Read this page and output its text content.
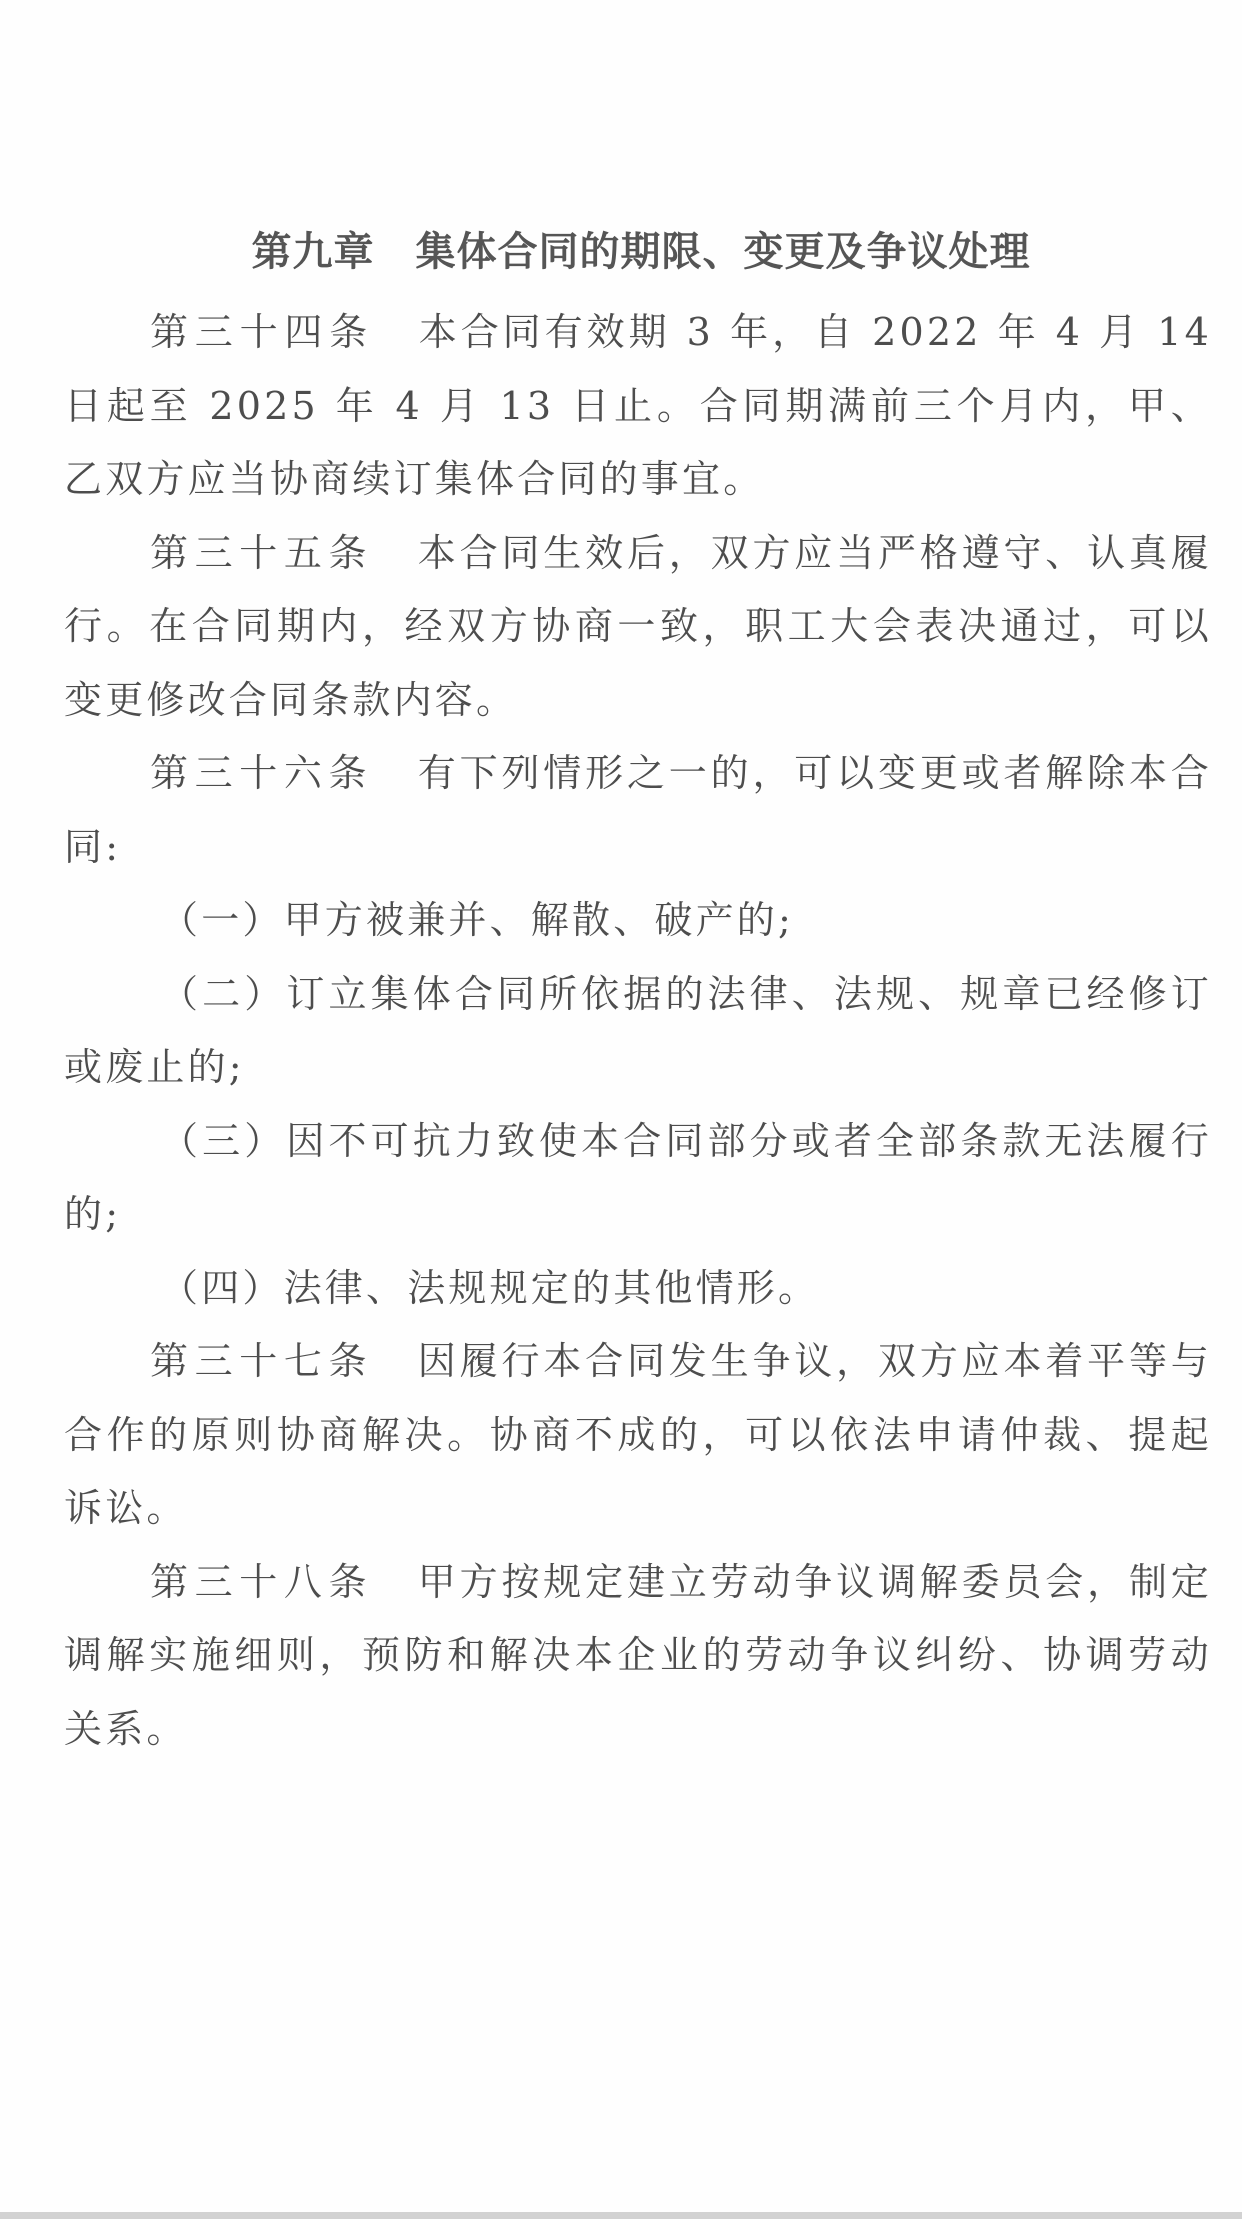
第九章　集体合同的期限、变更及争议处理

第三十四条 本合同有效期 3 年，自 2022 年 4 月 14 日起至 2025 年 4 月 13 日止。合同期满前三个月内，甲、乙双方应当协商续订集体合同的事宜。

第三十五条 本合同生效后，双方应当严格遵守、认真履行。在合同期内，经双方协商一致，职工大会表决通过，可以变更修改合同条款内容。

第三十六条 有下列情形之一的，可以变更或者解除本合同:

（一）甲方被兼并、解散、破产的;

（二）订立集体合同所依据的法律、法规、规章已经修订或废止的;

（三）因不可抗力致使本合同部分或者全部条款无法履行的;

（四）法律、法规规定的其他情形。

第三十七条 因履行本合同发生争议，双方应本着平等与合作的原则协商解决。协商不成的，可以依法申请仲裁、提起诉讼。

第三十八条 甲方按规定建立劳动争议调解委员会，制定调解实施细则，预防和解决本企业的劳动争议纠纷、协调劳动关系。
